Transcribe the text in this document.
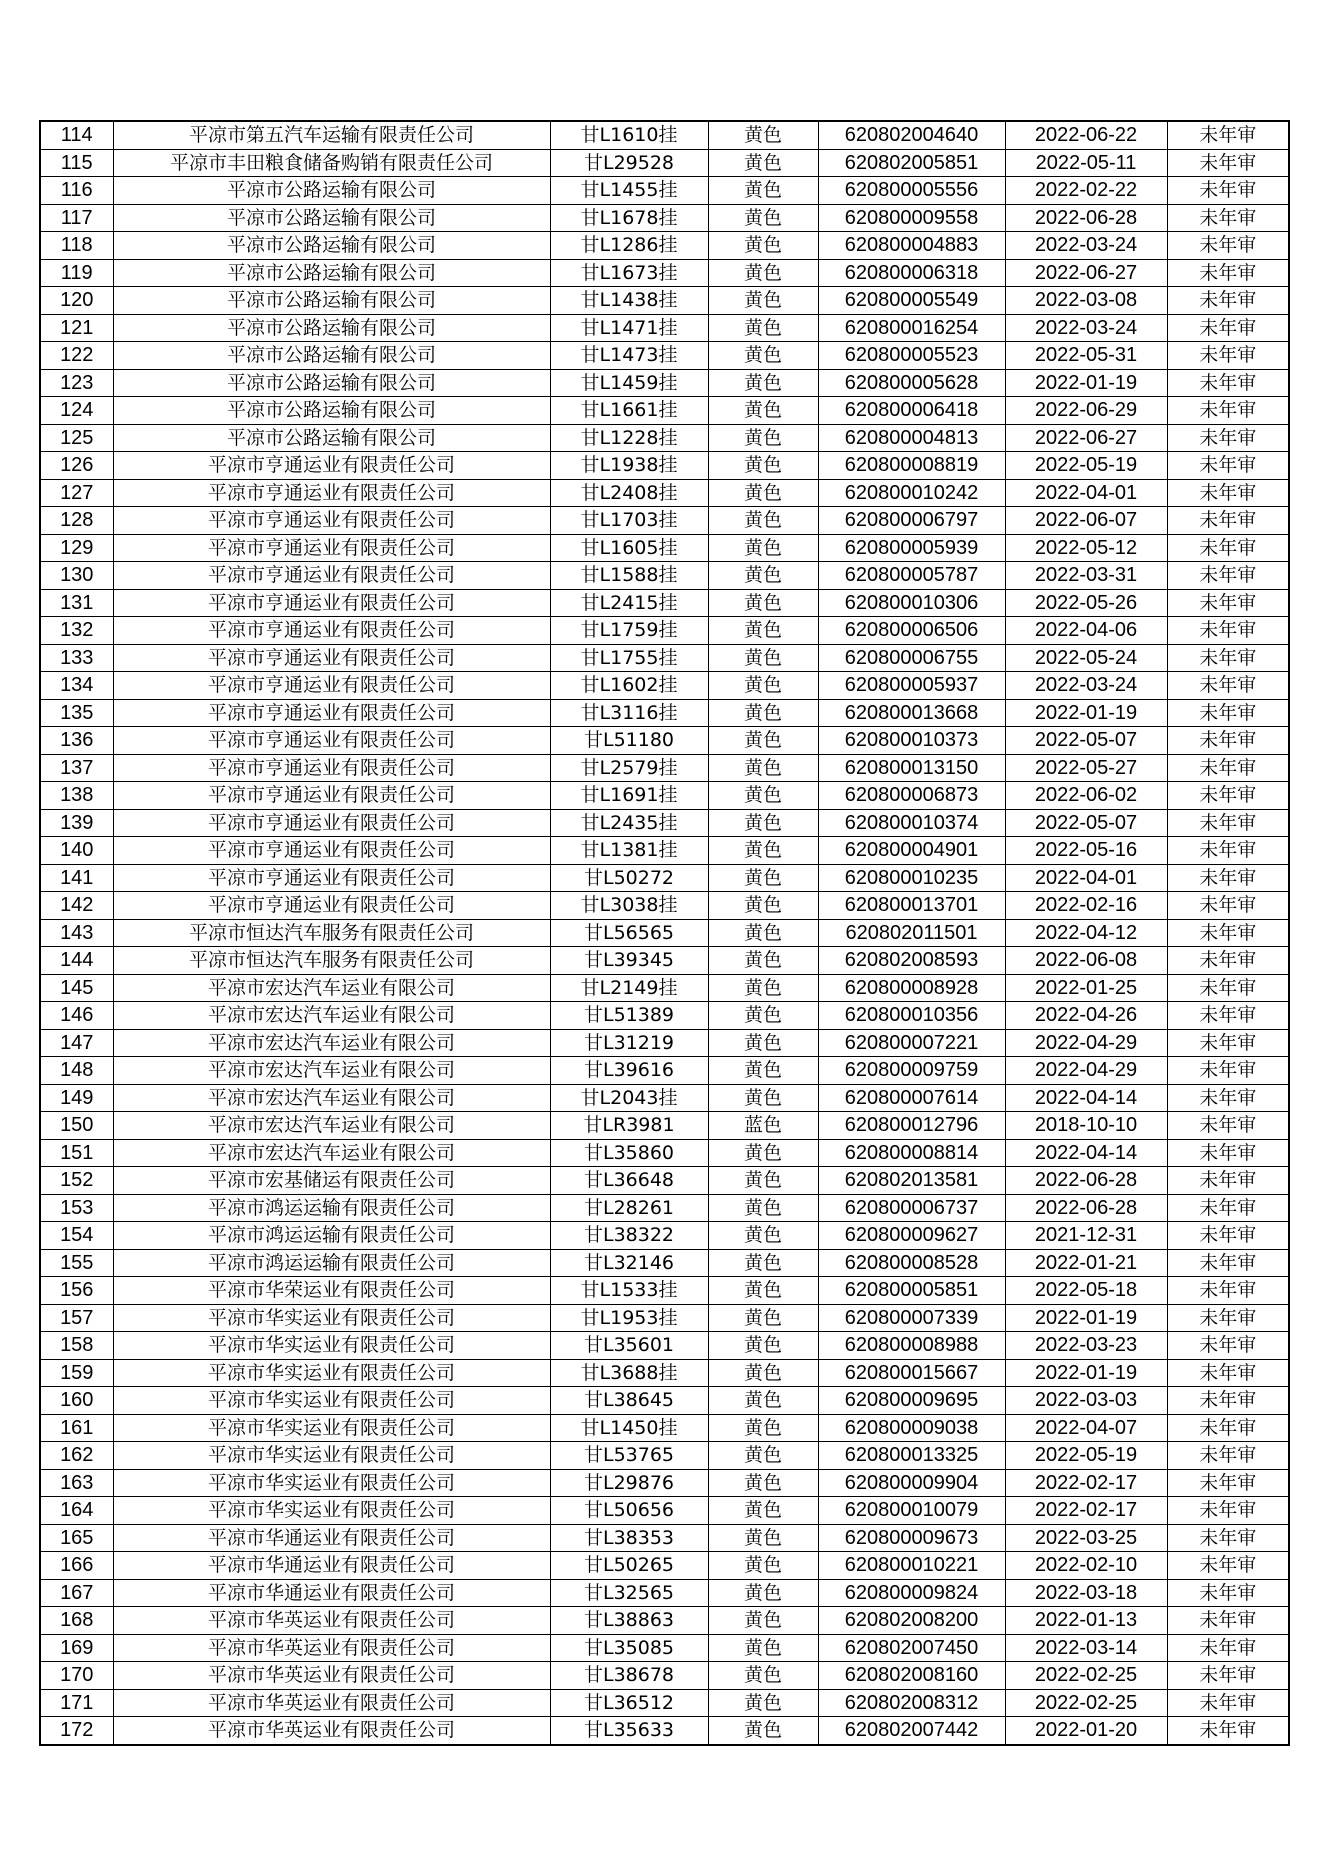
114	平凉市第五汽车运输有限责任公司	甘L1610挂	黄色	620802004640	2022-06-22	未年审
115	平凉市丰田粮食储备购销有限责任公司	甘L29528	黄色	620802005851	2022-05-11	未年审
116	平凉市公路运输有限公司	甘L1455挂	黄色	620800005556	2022-02-22	未年审
117	平凉市公路运输有限公司	甘L1678挂	黄色	620800009558	2022-06-28	未年审
118	平凉市公路运输有限公司	甘L1286挂	黄色	620800004883	2022-03-24	未年审
119	平凉市公路运输有限公司	甘L1673挂	黄色	620800006318	2022-06-27	未年审
120	平凉市公路运输有限公司	甘L1438挂	黄色	620800005549	2022-03-08	未年审
121	平凉市公路运输有限公司	甘L1471挂	黄色	620800016254	2022-03-24	未年审
122	平凉市公路运输有限公司	甘L1473挂	黄色	620800005523	2022-05-31	未年审
123	平凉市公路运输有限公司	甘L1459挂	黄色	620800005628	2022-01-19	未年审
124	平凉市公路运输有限公司	甘L1661挂	黄色	620800006418	2022-06-29	未年审
125	平凉市公路运输有限公司	甘L1228挂	黄色	620800004813	2022-06-27	未年审
126	平凉市亨通运业有限责任公司	甘L1938挂	黄色	620800008819	2022-05-19	未年审
127	平凉市亨通运业有限责任公司	甘L2408挂	黄色	620800010242	2022-04-01	未年审
128	平凉市亨通运业有限责任公司	甘L1703挂	黄色	620800006797	2022-06-07	未年审
129	平凉市亨通运业有限责任公司	甘L1605挂	黄色	620800005939	2022-05-12	未年审
130	平凉市亨通运业有限责任公司	甘L1588挂	黄色	620800005787	2022-03-31	未年审
131	平凉市亨通运业有限责任公司	甘L2415挂	黄色	620800010306	2022-05-26	未年审
132	平凉市亨通运业有限责任公司	甘L1759挂	黄色	620800006506	2022-04-06	未年审
133	平凉市亨通运业有限责任公司	甘L1755挂	黄色	620800006755	2022-05-24	未年审
134	平凉市亨通运业有限责任公司	甘L1602挂	黄色	620800005937	2022-03-24	未年审
135	平凉市亨通运业有限责任公司	甘L3116挂	黄色	620800013668	2022-01-19	未年审
136	平凉市亨通运业有限责任公司	甘L51180	黄色	620800010373	2022-05-07	未年审
137	平凉市亨通运业有限责任公司	甘L2579挂	黄色	620800013150	2022-05-27	未年审
138	平凉市亨通运业有限责任公司	甘L1691挂	黄色	620800006873	2022-06-02	未年审
139	平凉市亨通运业有限责任公司	甘L2435挂	黄色	620800010374	2022-05-07	未年审
140	平凉市亨通运业有限责任公司	甘L1381挂	黄色	620800004901	2022-05-16	未年审
141	平凉市亨通运业有限责任公司	甘L50272	黄色	620800010235	2022-04-01	未年审
142	平凉市亨通运业有限责任公司	甘L3038挂	黄色	620800013701	2022-02-16	未年审
143	平凉市恒达汽车服务有限责任公司	甘L56565	黄色	620802011501	2022-04-12	未年审
144	平凉市恒达汽车服务有限责任公司	甘L39345	黄色	620802008593	2022-06-08	未年审
145	平凉市宏达汽车运业有限公司	甘L2149挂	黄色	620800008928	2022-01-25	未年审
146	平凉市宏达汽车运业有限公司	甘L51389	黄色	620800010356	2022-04-26	未年审
147	平凉市宏达汽车运业有限公司	甘L31219	黄色	620800007221	2022-04-29	未年审
148	平凉市宏达汽车运业有限公司	甘L39616	黄色	620800009759	2022-04-29	未年审
149	平凉市宏达汽车运业有限公司	甘L2043挂	黄色	620800007614	2022-04-14	未年审
150	平凉市宏达汽车运业有限公司	甘LR3981	蓝色	620800012796	2018-10-10	未年审
151	平凉市宏达汽车运业有限公司	甘L35860	黄色	620800008814	2022-04-14	未年审
152	平凉市宏基储运有限责任公司	甘L36648	黄色	620802013581	2022-06-28	未年审
153	平凉市鸿运运输有限责任公司	甘L28261	黄色	620800006737	2022-06-28	未年审
154	平凉市鸿运运输有限责任公司	甘L38322	黄色	620800009627	2021-12-31	未年审
155	平凉市鸿运运输有限责任公司	甘L32146	黄色	620800008528	2022-01-21	未年审
156	平凉市华荣运业有限责任公司	甘L1533挂	黄色	620800005851	2022-05-18	未年审
157	平凉市华实运业有限责任公司	甘L1953挂	黄色	620800007339	2022-01-19	未年审
158	平凉市华实运业有限责任公司	甘L35601	黄色	620800008988	2022-03-23	未年审
159	平凉市华实运业有限责任公司	甘L3688挂	黄色	620800015667	2022-01-19	未年审
160	平凉市华实运业有限责任公司	甘L38645	黄色	620800009695	2022-03-03	未年审
161	平凉市华实运业有限责任公司	甘L1450挂	黄色	620800009038	2022-04-07	未年审
162	平凉市华实运业有限责任公司	甘L53765	黄色	620800013325	2022-05-19	未年审
163	平凉市华实运业有限责任公司	甘L29876	黄色	620800009904	2022-02-17	未年审
164	平凉市华实运业有限责任公司	甘L50656	黄色	620800010079	2022-02-17	未年审
165	平凉市华通运业有限责任公司	甘L38353	黄色	620800009673	2022-03-25	未年审
166	平凉市华通运业有限责任公司	甘L50265	黄色	620800010221	2022-02-10	未年审
167	平凉市华通运业有限责任公司	甘L32565	黄色	620800009824	2022-03-18	未年审
168	平凉市华英运业有限责任公司	甘L38863	黄色	620802008200	2022-01-13	未年审
169	平凉市华英运业有限责任公司	甘L35085	黄色	620802007450	2022-03-14	未年审
170	平凉市华英运业有限责任公司	甘L38678	黄色	620802008160	2022-02-25	未年审
171	平凉市华英运业有限责任公司	甘L36512	黄色	620802008312	2022-02-25	未年审
172	平凉市华英运业有限责任公司	甘L35633	黄色	620802007442	2022-01-20	未年审
